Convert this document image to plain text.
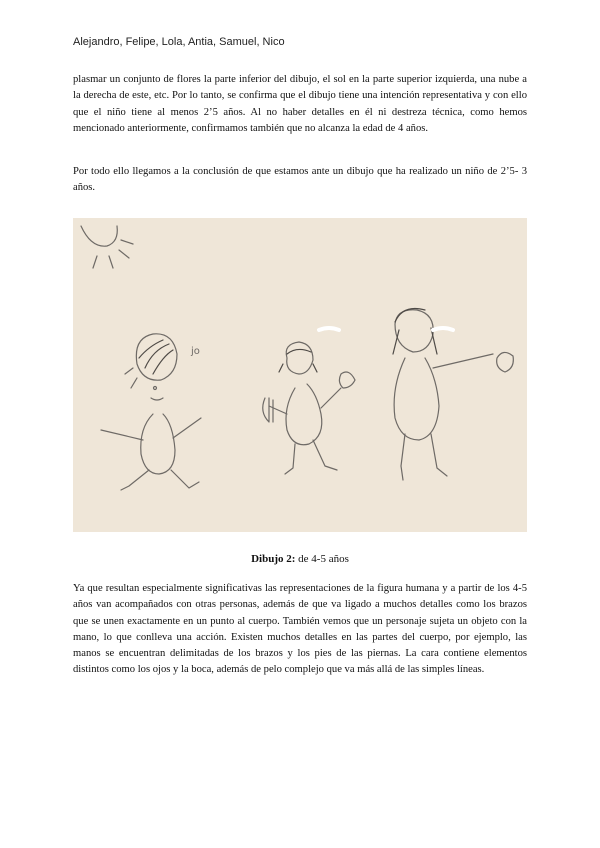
Alejandro, Felipe, Lola, Antia, Samuel, Nico
plasmar un conjunto de flores la parte inferior del dibujo, el sol en la parte superior izquierda, una nube a la derecha de este, etc. Por lo tanto, se confirma que el dibujo tiene una intención representativa y con ello que el niño tiene al menos 2’5 años. Al no haber detalles en él ni destreza técnica, como hemos mencionado anteriormente, confirmamos también que no alcanza la edad de 4 años.
Por todo ello llegamos a la conclusión de que estamos ante un dibujo que ha realizado un niño de 2’5- 3 años.
jo
Dibujo 2: de 4-5 años
Ya que resultan especialmente significativas las representaciones de la figura humana y a partir de los 4-5 años van acompañados con otras personas, además de que va ligado a muchos detalles como los brazos que se unen exactamente en un punto al cuerpo. También vemos que un personaje sujeta un objeto con la mano, lo que conlleva una acción. Existen muchos detalles en las partes del cuerpo, por ejemplo, las manos se encuentran delimitadas de los brazos y los pies de las piernas. La cara contiene elementos distintos como los ojos y la boca, además de pelo complejo que va más allá de las simples líneas.
